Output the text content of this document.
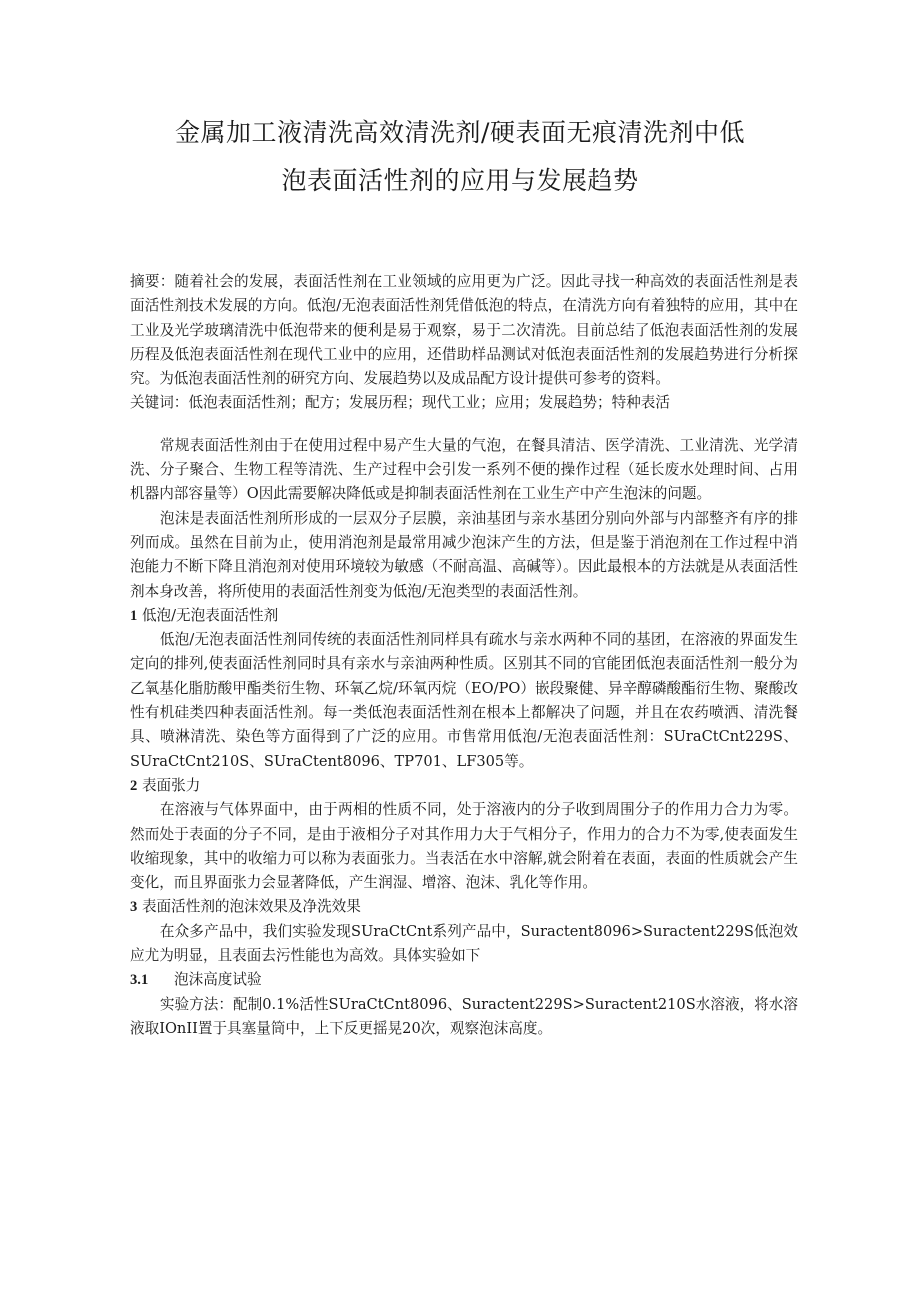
金属加工液清洗高效清洗剂/硬表面无痕清洗剂中低
泡表面活性剂的应用与发展趋势

摘要：随着社会的发展，表面活性剂在工业领域的应用更为广泛。因此寻找一种高效的表面活性剂是表面活性剂技术发展的方向。低泡/无泡表面活性剂凭借低泡的特点，在清洗方向有着独特的应用，其中在工业及光学玻璃清洗中低泡带来的便利是易于观察，易于二次清洗。目前总结了低泡表面活性剂的发展历程及低泡表面活性剂在现代工业中的应用，还借助样品测试对低泡表面活性剂的发展趋势进行分析探究。为低泡表面活性剂的研究方向、发展趋势以及成品配方设计提供可参考的资料。

关键词：低泡表面活性剂；配方；发展历程；现代工业；应用；发展趋势；特种表活

常规表面活性剂由于在使用过程中易产生大量的气泡，在餐具清洁、医学清洗、工业清洗、光学清洗、分子聚合、生物工程等清洗、生产过程中会引发一系列不便的操作过程（延长废水处理时间、占用机器内部容量等）O因此需要解决降低或是抑制表面活性剂在工业生产中产生泡沫的问题。

泡沫是表面活性剂所形成的一层双分子层膜，亲油基团与亲水基团分别向外部与内部整齐有序的排列而成。虽然在目前为止，使用消泡剂是最常用减少泡沫产生的方法，但是鉴于消泡剂在工作过程中消泡能力不断下降且消泡剂对使用环境较为敏感（不耐高温、高碱等）。因此最根本的方法就是从表面活性剂本身改善，将所使用的表面活性剂变为低泡/无泡类型的表面活性剂。

1 低泡/无泡表面活性剂

低泡/无泡表面活性剂同传统的表面活性剂同样具有疏水与亲水两种不同的基团，在溶液的界面发生定向的排列,使表面活性剂同时具有亲水与亲油两种性质。区别其不同的官能团低泡表面活性剂一般分为乙氧基化脂肪酸甲酯类衍生物、环氧乙烷/环氧丙烷（EO/PO）嵌段聚健、异辛醇磷酸酯衍生物、聚酸改性有机硅类四种表面活性剂。每一类低泡表面活性剂在根本上都解决了问题，并且在农药喷洒、清洗餐具、喷淋清洗、染色等方面得到了广泛的应用。市售常用低泡/无泡表面活性剂：SUraCtCnt229S、SUraCtCnt210S、SUraCtent8096、TP701、LF305等。

2 表面张力

在溶液与气体界面中，由于两相的性质不同，处于溶液内的分子收到周围分子的作用力合力为零。然而处于表面的分子不同，是由于液相分子对其作用力大于气相分子，作用力的合力不为零,使表面发生收缩现象，其中的收缩力可以称为表面张力。当表活在水中溶解,就会附着在表面，表面的性质就会产生变化，而且界面张力会显著降低，产生润湿、增溶、泡沫、乳化等作用。

3 表面活性剂的泡沫效果及净洗效果

在众多产品中，我们实验发现SUraCtCnt系列产品中，Suractent8096>Suractent229S低泡效应尤为明显，且表面去污性能也为高效。具体实验如下

3.1 泡沫高度试验

实验方法：配制0.1%活性SUraCtCnt8096、Suractent229S>Suractent210S水溶液，将水溶液取IOnII置于具塞量筒中，上下反更摇晃20次，观察泡沫高度。
